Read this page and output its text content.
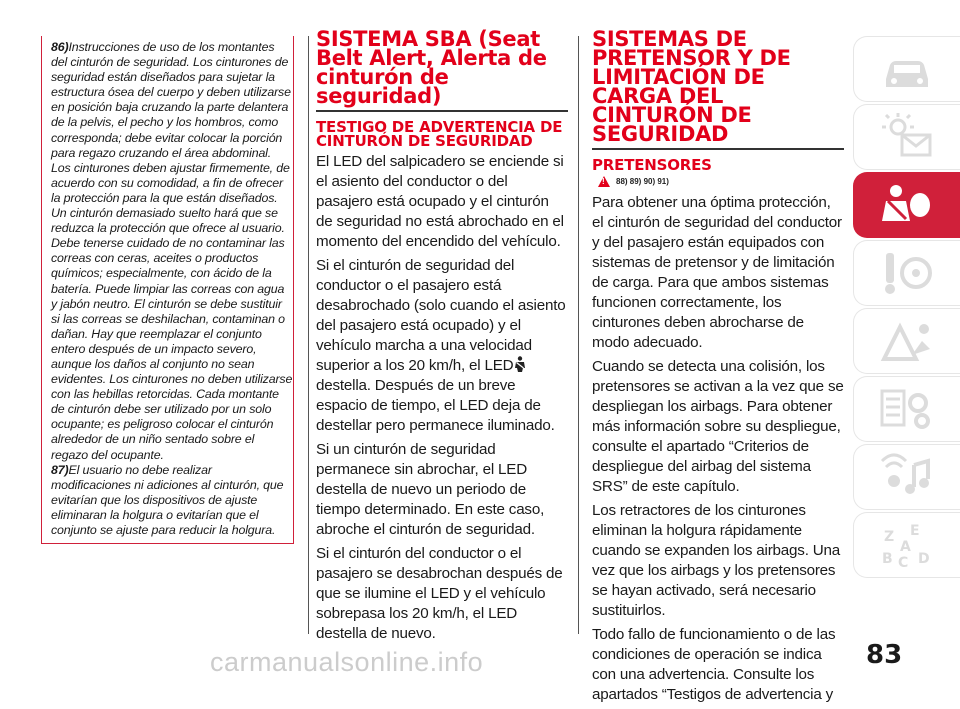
86)Instrucciones de uso de los montantes del cinturón de seguridad. Los cinturones de seguridad están diseñados para sujetar la estructura ósea del cuerpo y deben utilizarse en posición baja cruzando la parte delantera de la pelvis, el pecho y los hombros, como corresponda; debe evitar colocar la porción para regazo cruzando el área abdominal. Los cinturones deben ajustar firmemente, de acuerdo con su comodidad, a fin de ofrecer la protección para la que están diseñados. Un cinturón demasiado suelto hará que se reduzca la protección que ofrece al usuario. Debe tenerse cuidado de no contaminar las correas con ceras, aceites o productos químicos; especialmente, con ácido de la batería. Puede limpiar las correas con agua y jabón neutro. El cinturón se debe sustituir si las correas se deshilachan, contaminan o dañan. Hay que reemplazar el conjunto entero después de un impacto severo, aunque los daños al conjunto no sean evidentes. Los cinturones no deben utilizarse con las hebillas retorcidas. Cada montante de cinturón debe ser utilizado por un solo ocupante; es peligroso colocar el cinturón alrededor de un niño sentado sobre el regazo del ocupante.

87)El usuario no debe realizar modificaciones ni adiciones al cinturón, que evitarían que los dispositivos de ajuste eliminaran la holgura o evitarían que el conjunto se ajuste para reducir la holgura.

SISTEMA SBA (Seat Belt Alert, Alerta de cinturón de seguridad)
TESTIGO DE ADVERTENCIA DE CINTURÓN DE SEGURIDAD

El LED del salpicadero se enciende si el asiento del conductor o del pasajero está ocupado y el cinturón de seguridad no está abrochado en el momento del encendido del vehículo.

Si el cinturón de seguridad del conductor o el pasajero está desabrochado (solo cuando el asiento del pasajero está ocupado) y el vehículo marcha a una velocidad superior a los 20 km/h, el LED destella. Después de un breve espacio de tiempo, el LED deja de destellar pero permanece iluminado.

Si un cinturón de seguridad permanece sin abrochar, el LED destella de nuevo un periodo de tiempo determinado. En este caso, abroche el cinturón de seguridad.

Si el cinturón del conductor o el pasajero se desabrochan después de que se ilumine el LED y el vehículo sobrepasa los 20 km/h, el LED destella de nuevo.

SISTEMAS DE PRETENSOR Y DE LIMITACIÓN DE CARGA DEL CINTURÓN DE SEGURIDAD
PRETENSORES
!
88) 89) 90) 91)

Para obtener una óptima protección, el cinturón de seguridad del conductor y del pasajero están equipados con sistemas de pretensor y de limitación de carga. Para que ambos sistemas funcionen correctamente, los cinturones deben abrocharse de modo adecuado.

Cuando se detecta una colisión, los pretensores se activan a la vez que se despliegan los airbags. Para obtener más información sobre su despliegue, consulte el apartado “Criterios de despliegue del airbag del sistema SRS” de este capítulo.

Los retractores de los cinturones eliminan la holgura rápidamente cuando se expanden los airbags. Una vez que los airbags y los pretensores se hayan activado, será necesario sustituirlos.

Todo fallo de funcionamiento o de las condiciones de operación se indica con una advertencia. Consulte los apartados “Testigos de advertencia y

Z E
A
B C D
83
carmanualsonline.info
